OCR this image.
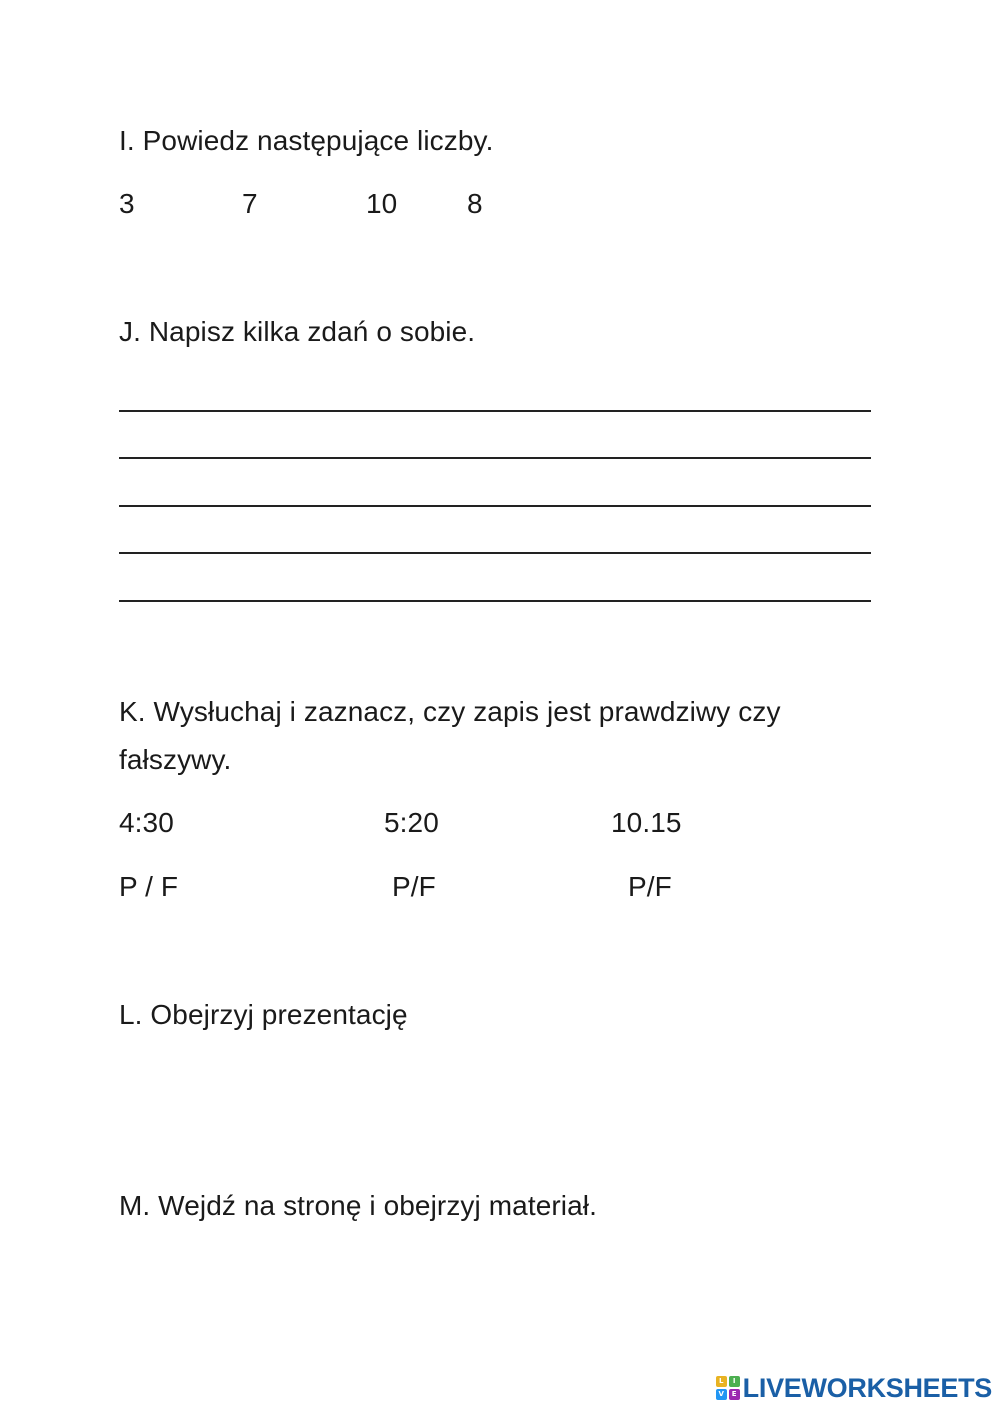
I. Powiedz następujące liczby.
3	7	10 8
J. Napisz kilka zdań o sobie.
K. Wysłuchaj i zaznacz, czy zapis jest prawdziwy czy
fałszywy.
4:30	5:20	10.15
P / F	P/F	P/F
L. Obejrzyj prezentację
M. Wejdź na stronę i obejrzyj materiał.
L	I
V	E LIVEWORKSHEETS
